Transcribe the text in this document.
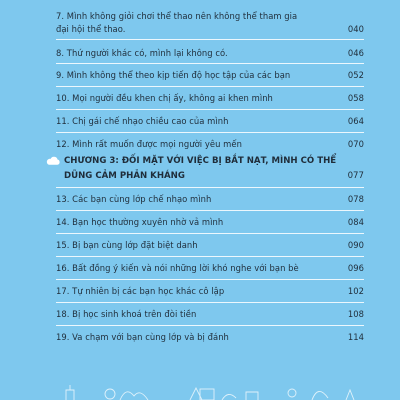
7. Mình không giỏi chơi thể thao nên không thể tham gia
đại hội thể thao.	040
8. Thứ người khác có, mình lại không có.	046
9. Mình không thể theo kịp tiến độ học tập của các bạn	052
10. Mọi người đều khen chị ấy, không ai khen mình	058
11. Chị gái chế nhạo chiều cao của mình	064
12. Mình rất muốn được mọi người yêu mến	070
CHƯƠNG 3: ĐỐI MẶT VỚI VIỆC BỊ BẮT NẠT, MÌNH CÓ THỂ
DŨNG CẢM PHẢN KHÁNG	077
13. Các bạn cùng lớp chế nhạo mình	078
14. Bạn học thường xuyên nhờ vả mình	084
15. Bị bạn cùng lớp đặt biệt danh	090
16. Bất đồng ý kiến và nói những lời khó nghe với bạn bè	096
17. Tự nhiên bị các bạn học khác cô lập	102
18. Bị học sinh khoá trên đòi tiền	108
19. Va chạm với bạn cùng lớp và bị đánh	114
